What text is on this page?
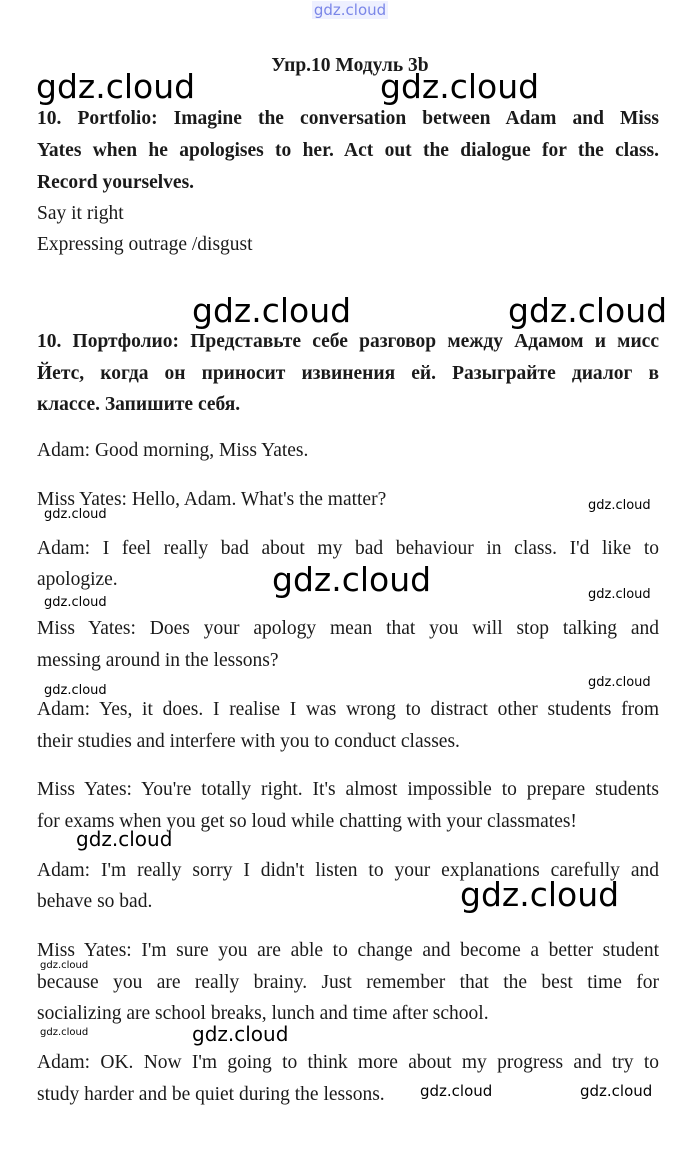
gdz.cloud
Упр.10 Модуль 3b
10. Portfolio: Imagine the conversation between Adam and Miss
Yates when he apologises to her. Act out the dialogue for the class.
Record yourselves.
Say it right
Expressing outrage /disgust
10. Портфолио: Представьте себе разговор между Адамом и мисс
Йетс, когда он приносит извинения ей. Разыграйте диалог в
классе. Запишите себя.
Adam: Good morning, Miss Yates.
Miss Yates: Hello, Adam. What's the matter?
Adam: I feel really bad about my bad behaviour in class. I'd like to
apologize.
Miss Yates: Does your apology mean that you will stop talking and
messing around in the lessons?
Adam: Yes, it does. I realise I was wrong to distract other students from
their studies and interfere with you to conduct classes.
Miss Yates: You're totally right. It's almost impossible to prepare students
for exams when you get so loud while chatting with your classmates!
Adam: I'm really sorry I didn't listen to your explanations carefully and
behave so bad.
Miss Yates: I'm sure you are able to change and become a better student
because you are really brainy. Just remember that the best time for
socializing are school breaks, lunch and time after school.
Adam: OK. Now I'm going to think more about my progress and try to
study harder and be quiet during the lessons.
gdz.cloud	gdz.cloud
gdz.cloud	gdz.cloud
gdz.cloud
gdz.cloud
gdz.cloud
gdz.cloud
gdz.cloud
gdz.cloud
gdz.cloud
gdz.cloud
gdz.cloud
gdz.cloud
gdz.cloud
gdz.cloud
gdz.cloud	gdz.cloud
